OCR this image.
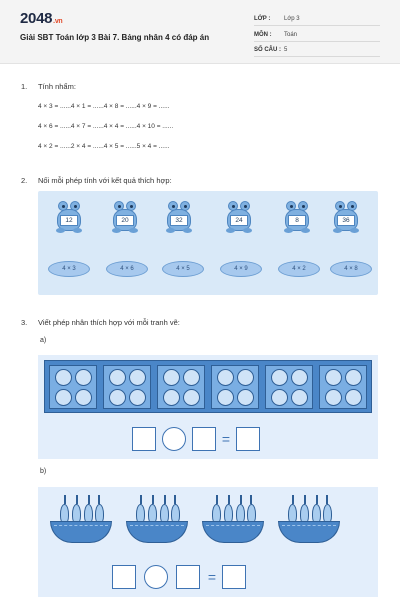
2048.vn
Giải SBT Toán lớp 3 Bài 7. Bảng nhân 4 có đáp án
LỚP : Lớp 3
MÔN : Toán
SỐ CÂU : 5
1. Tính nhẩm:
4 × 3 = ......4 × 1 = ......4 × 8 = ......4 × 9 = ......
4 × 6 = ......4 × 7 = ......4 × 4 = ......4 × 10 = ......
4 × 2 = ......2 × 4 = ......4 × 5 = ......5 × 4 = ......
2. Nối mỗi phép tính với kết quả thích hợp:
12	20	32	24	8	36
4 × 3	4 × 6	4 × 5	4 × 9	4 × 2	4 × 8
3. Viết phép nhân thích hợp với mỗi tranh vẽ:
a)
=
b)
=
